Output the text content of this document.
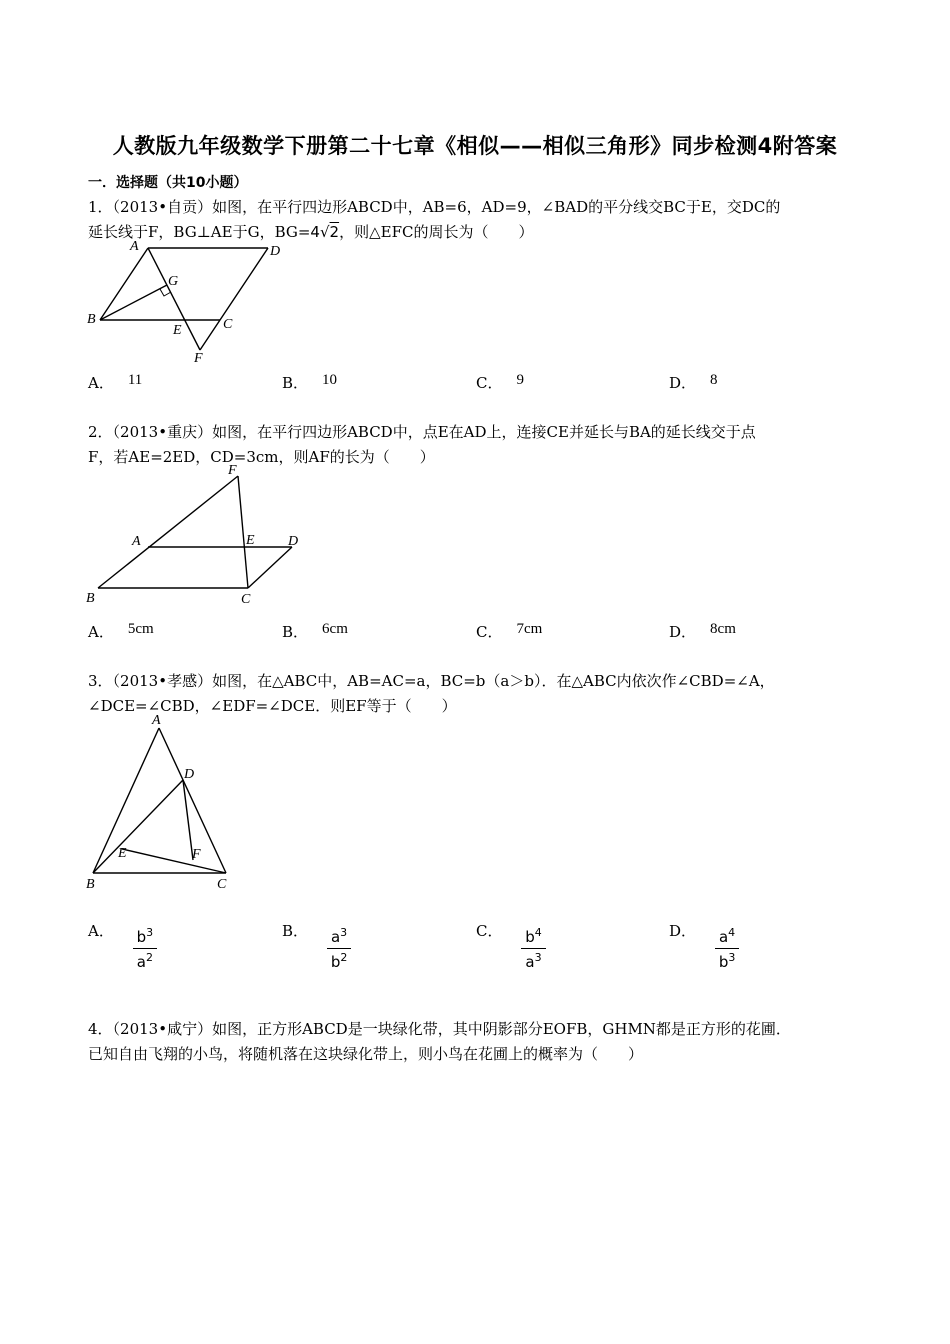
人教版九年级数学下册第二十七章《相似——相似三角形》同步检测4附答案
一．选择题（共10小题）
1．（2013•自贡）如图，在平行四边形ABCD中，AB=6，AD=9，∠BAD的平分线交BC于E，交DC的
延长线于F，BG⊥AE于G，BG=4√2，则△EFC的周长为（　　）
A
B	C
D
E
F
G
A． 11	B． 10	C． 9	D． 8
2．（2013•重庆）如图，在平行四边形ABCD中，点E在AD上，连接CE并延长与BA的延长线交于点
F，若AE=2ED，CD=3cm，则AF的长为（　　）
A
B	C
D
E
F
A． 5cm	B． 6cm	C． 7cm	D． 8cm
3．（2013•孝感）如图，在△ABC中，AB=AC=a，BC=b（a＞b）．在△ABC内依次作∠CBD=∠A，
∠DCE=∠CBD，∠EDF=∠DCE．则EF等于（　　）
A
B	C
D
E	F
A． $\frac{b^3}{a^2}$	B． $\frac{a^3}{b^2}$	C． $\frac{b^4}{a^3}$	D． $\frac{a^4}{b^3}$
4．（2013•咸宁）如图，正方形ABCD是一块绿化带，其中阴影部分EOFB，GHMN都是正方形的花圃．
已知自由飞翔的小鸟，将随机落在这块绿化带上，则小鸟在花圃上的概率为（　　）
